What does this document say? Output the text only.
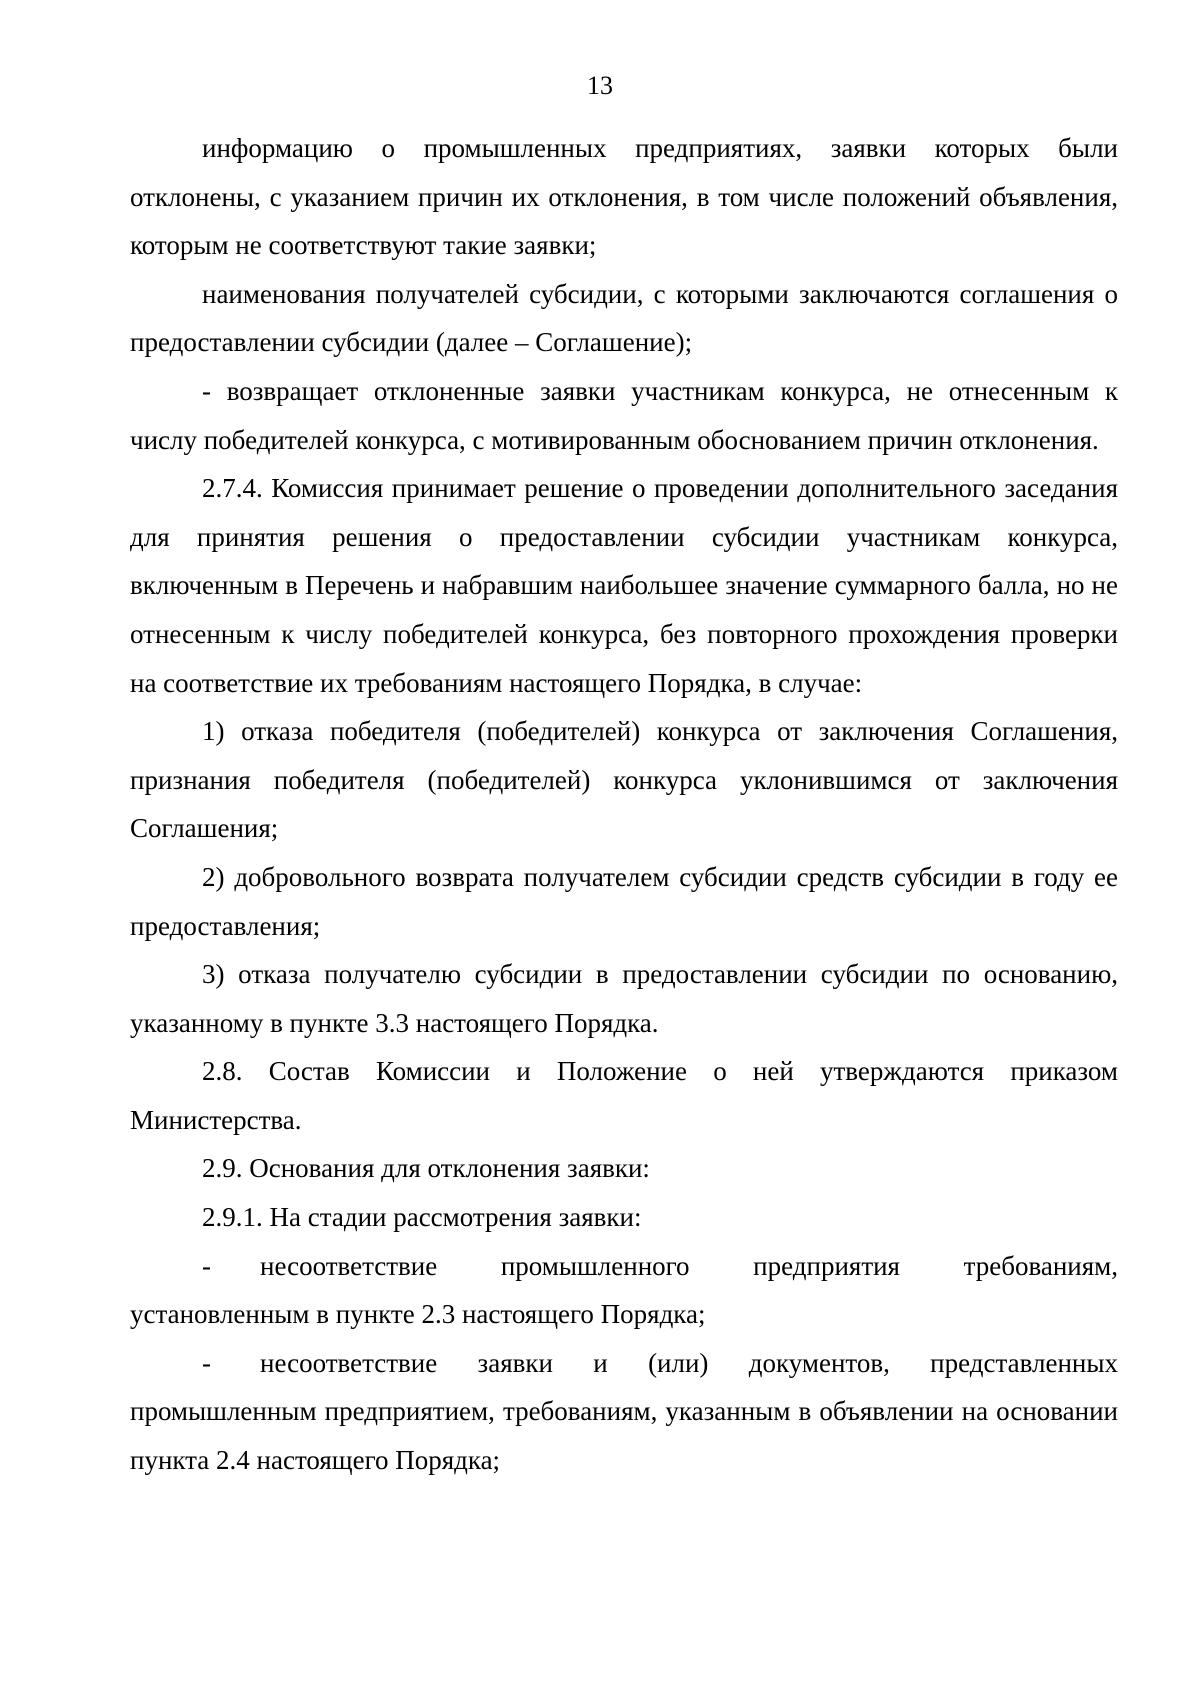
13

информацию о промышленных предприятиях, заявки которых были отклонены, с указанием причин их отклонения, в том числе положений объявления, которым не соответствуют такие заявки;

наименования получателей субсидии, с которыми заключаются соглашения о предоставлении субсидии (далее – Соглашение);

- возвращает отклоненные заявки участникам конкурса, не отнесенным к числу победителей конкурса, с мотивированным обоснованием причин отклонения.

2.7.4. Комиссия принимает решение о проведении дополнительного заседания для принятия решения о предоставлении субсидии участникам конкурса, включенным в Перечень и набравшим наибольшее значение суммарного балла, но не отнесенным к числу победителей конкурса, без повторного прохождения проверки на соответствие их требованиям настоящего Порядка, в случае:

1) отказа победителя (победителей) конкурса от заключения Соглашения, признания победителя (победителей) конкурса уклонившимся от заключения Соглашения;

2) добровольного возврата получателем субсидии средств субсидии в году ее предоставления;

3) отказа получателю субсидии в предоставлении субсидии по основанию, указанному в пункте 3.3 настоящего Порядка.

2.8. Состав Комиссии и Положение о ней утверждаются приказом Министерства.

2.9. Основания для отклонения заявки:

2.9.1. На стадии рассмотрения заявки:

- несоответствие промышленного предприятия требованиям, установленным в пункте 2.3 настоящего Порядка;

- несоответствие заявки и (или) документов, представленных промышленным предприятием, требованиям, указанным в объявлении на основании пункта 2.4 настоящего Порядка;
